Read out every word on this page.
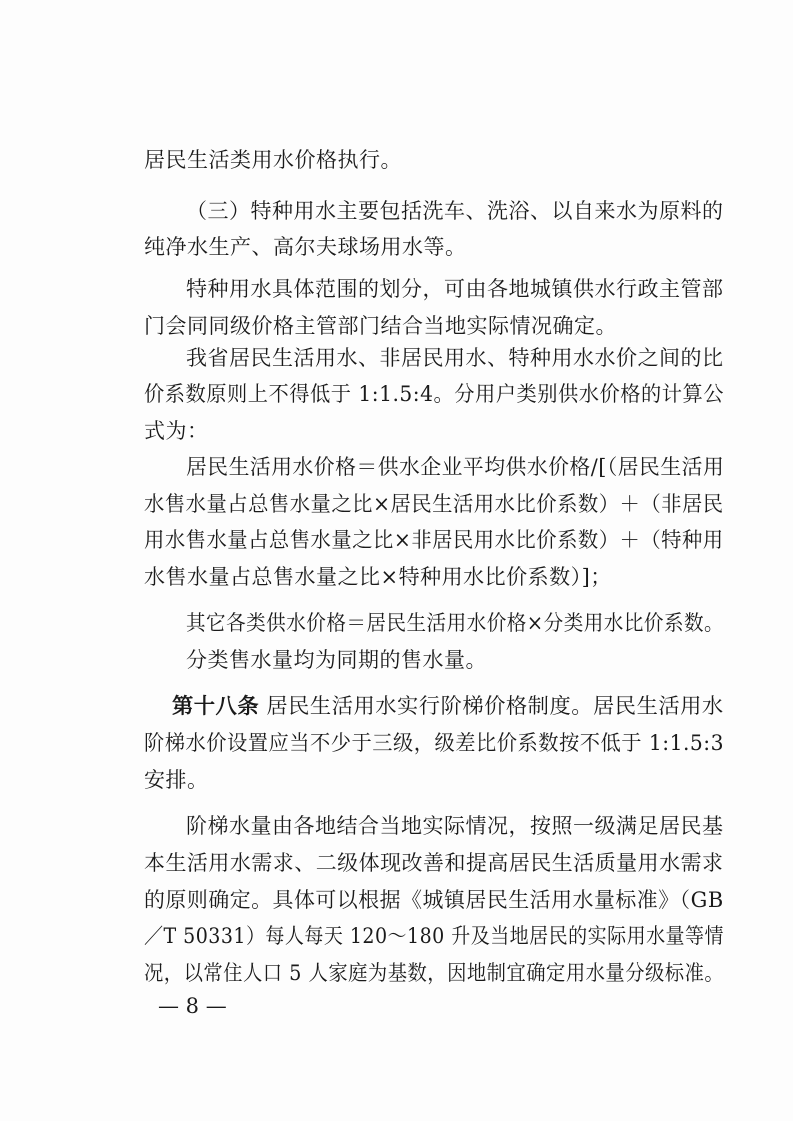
居民生活类用水价格执行。
（三）特种用水主要包括洗车、洗浴、以自来水为原料的
纯净水生产、高尔夫球场用水等。
特种用水具体范围的划分，可由各地城镇供水行政主管部
门会同同级价格主管部门结合当地实际情况确定。
我省居民生活用水、非居民用水、特种用水水价之间的比
价系数原则上不得低于 1:1.5:4。分用户类别供水价格的计算公
式为：
居民生活用水价格＝供水企业平均供水价格/[（居民生活用
水售水量占总售水量之比×居民生活用水比价系数）＋（非居民
用水售水量占总售水量之比×非居民用水比价系数）＋（特种用
水售水量占总售水量之比×特种用水比价系数）]；
其它各类供水价格＝居民生活用水价格×分类用水比价系数。
分类售水量均为同期的售水量。
第十八条 居民生活用水实行阶梯价格制度。居民生活用水
阶梯水价设置应当不少于三级，级差比价系数按不低于 1:1.5:3
安排。
阶梯水量由各地结合当地实际情况，按照一级满足居民基
本生活用水需求、二级体现改善和提高居民生活质量用水需求
的原则确定。具体可以根据《城镇居民生活用水量标准》（GB
／T 50331）每人每天 120～180 升及当地居民的实际用水量等情
况，以常住人口 5 人家庭为基数，因地制宜确定用水量分级标准。
— 8 —
